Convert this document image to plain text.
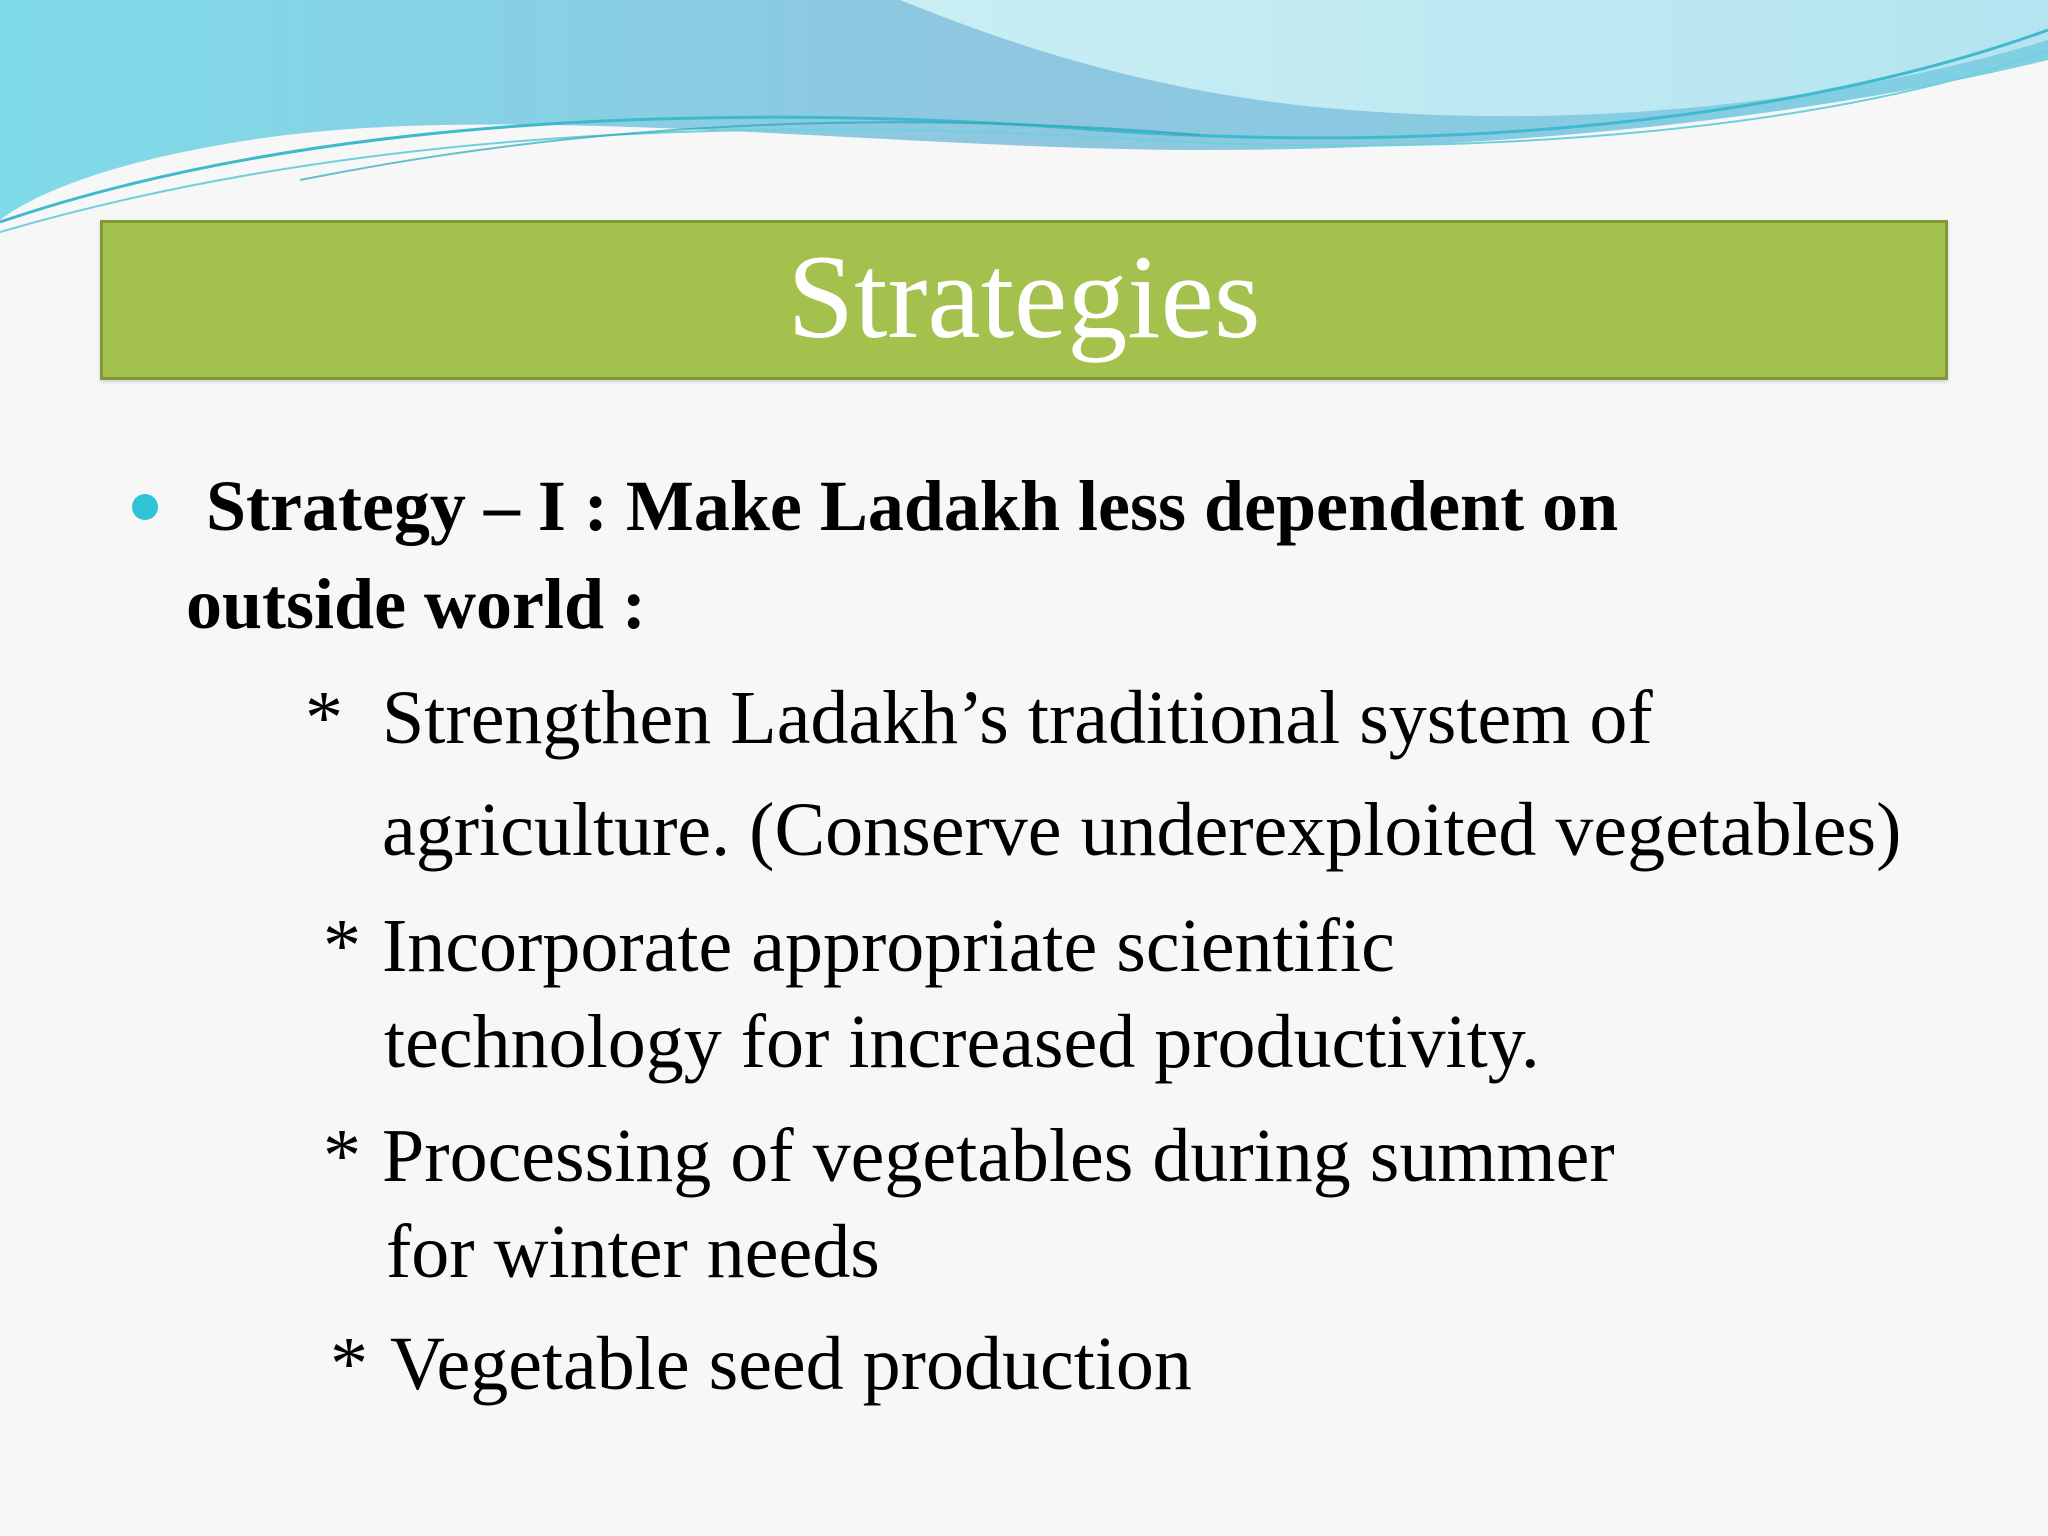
Strategies
Strategy – I : Make Ladakh less dependent on
outside world :
* Strengthen Ladakh’s traditional system of
agriculture. (Conserve underexploited vegetables)
* Incorporate appropriate scientific
technology for increased productivity.
* Processing of vegetables during summer
for winter needs
* Vegetable seed production
